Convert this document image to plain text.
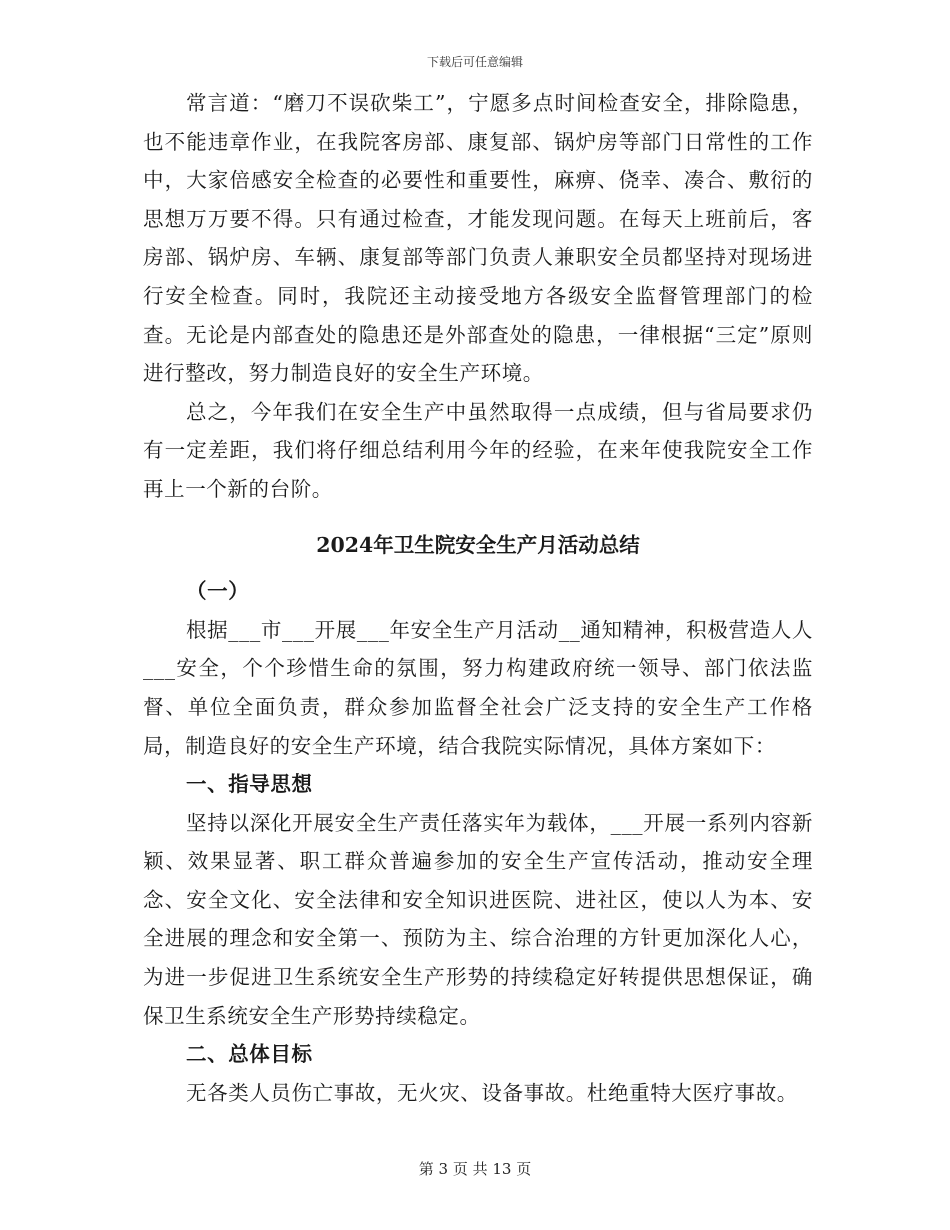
下载后可任意编辑

常言道：“磨刀不误砍柴工”，宁愿多点时间检查安全，排除隐患，也不能违章作业，在我院客房部、康复部、锅炉房等部门日常性的工作中，大家倍感安全检查的必要性和重要性，麻痹、侥幸、凑合、敷衍的思想万万要不得。只有通过检查，才能发现问题。在每天上班前后，客房部、锅炉房、车辆、康复部等部门负责人兼职安全员都坚持对现场进行安全检查。同时，我院还主动接受地方各级安全监督管理部门的检查。无论是内部查处的隐患还是外部查处的隐患，一律根据“三定”原则进行整改，努力制造良好的安全生产环境。

总之，今年我们在安全生产中虽然取得一点成绩，但与省局要求仍有一定差距，我们将仔细总结利用今年的经验，在来年使我院安全工作再上一个新的台阶。

2024年卫生院安全生产月活动总结

（一）

根据___市___开展___年安全生产月活动__通知精神，积极营造人人___安全，个个珍惜生命的氛围，努力构建政府统一领导、部门依法监督、单位全面负责，群众参加监督全社会广泛支持的安全生产工作格局，制造良好的安全生产环境，结合我院实际情况，具体方案如下：

一、指导思想

坚持以深化开展安全生产责任落实年为载体，___开展一系列内容新颖、效果显著、职工群众普遍参加的安全生产宣传活动，推动安全理念、安全文化、安全法律和安全知识进医院、进社区，使以人为本、安全进展的理念和安全第一、预防为主、综合治理的方针更加深化人心，为进一步促进卫生系统安全生产形势的持续稳定好转提供思想保证，确保卫生系统安全生产形势持续稳定。

二、总体目标

无各类人员伤亡事故，无火灾、设备事故。杜绝重特大医疗事故。

第 3 页 共 13 页
